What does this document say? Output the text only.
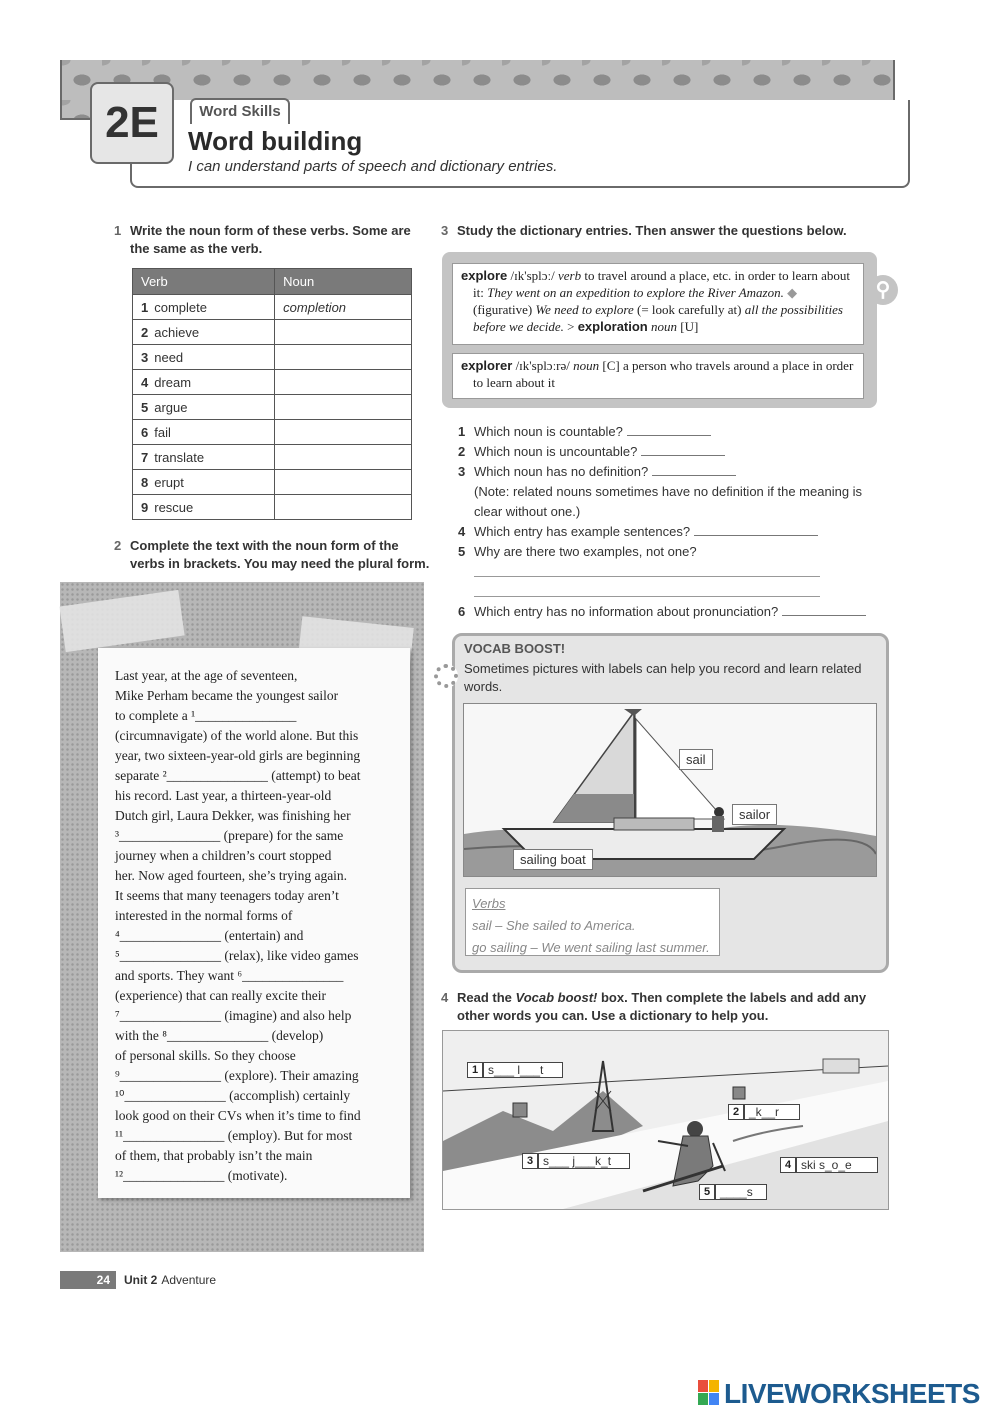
2E	Word Skills
Word building
I can understand parts of speech and dictionary entries.
1 Write the noun form of these verbs. Some are
the same as the verb.
Verb	Noun
1 complete	completion
2 achieve	
3 need	
4 dream	
5 argue	
6 fail	
7 translate	
8 erupt	
9 rescue	
2 Complete the text with the noun form of the
verbs in brackets. You may need the plural form.
Last year, at the age of seventeen,
Mike Perham became the youngest sailor
to complete a ¹_______________
(circumnavigate) of the world alone. But this
year, two sixteen-year-old girls are beginning
separate ²_______________ (attempt) to beat
his record. Last year, a thirteen-year-old
Dutch girl, Laura Dekker, was finishing her
³_______________ (prepare) for the same
journey when a children’s court stopped
her. Now aged fourteen, she’s trying again.
It seems that many teenagers today aren’t
interested in the normal forms of
⁴_______________ (entertain) and
⁵_______________ (relax), like video games
and sports. They want ⁶_______________
(experience) that can really excite their
⁷_______________ (imagine) and also help
with the ⁸_______________ (develop)
of personal skills. So they choose
⁹_______________ (explore). Their amazing
¹⁰_______________ (accomplish) certainly
look good on their CVs when it’s time to find
¹¹_______________ (employ). But for most
of them, that probably isn’t the main
¹²_______________ (motivate).
3 Study the dictionary entries. Then answer the questions below.
⚲
explore /ɪk'splɔː/ verb to travel around a place, etc. in order to learn about it: They went on an expedition to explore the River Amazon. ◆ (figurative) We need to explore (= look carefully at) all the possibilities before we decide. > exploration noun [U]
explorer /ɪk'splɔːrə/ noun [C] a person who travels around a place in order to learn about it
1 Which noun is countable?
2 Which noun is uncountable?
3 Which noun has no definition?
(Note: related nouns sometimes have no definition if the meaning is
clear without one.)
4 Which entry has example sentences?
5 Why are there two examples, not one?
6 Which entry has no information about pronunciation?
VOCAB BOOST!
Sometimes pictures with labels can help you record and learn related words.
sail
sailor
sailing boat
Verbs
sail – She sailed to America.
go sailing – We went sailing last summer.
4 Read the Vocab boost! box. Then complete the labels and add any
other words you can. Use a dictionary to help you.
1 s___ l___t
2 _k__r
3 s___ j___k_t	4 ski s_o_e
5 ____s
24	Unit 2 Adventure
LIVEWORKSHEETS
